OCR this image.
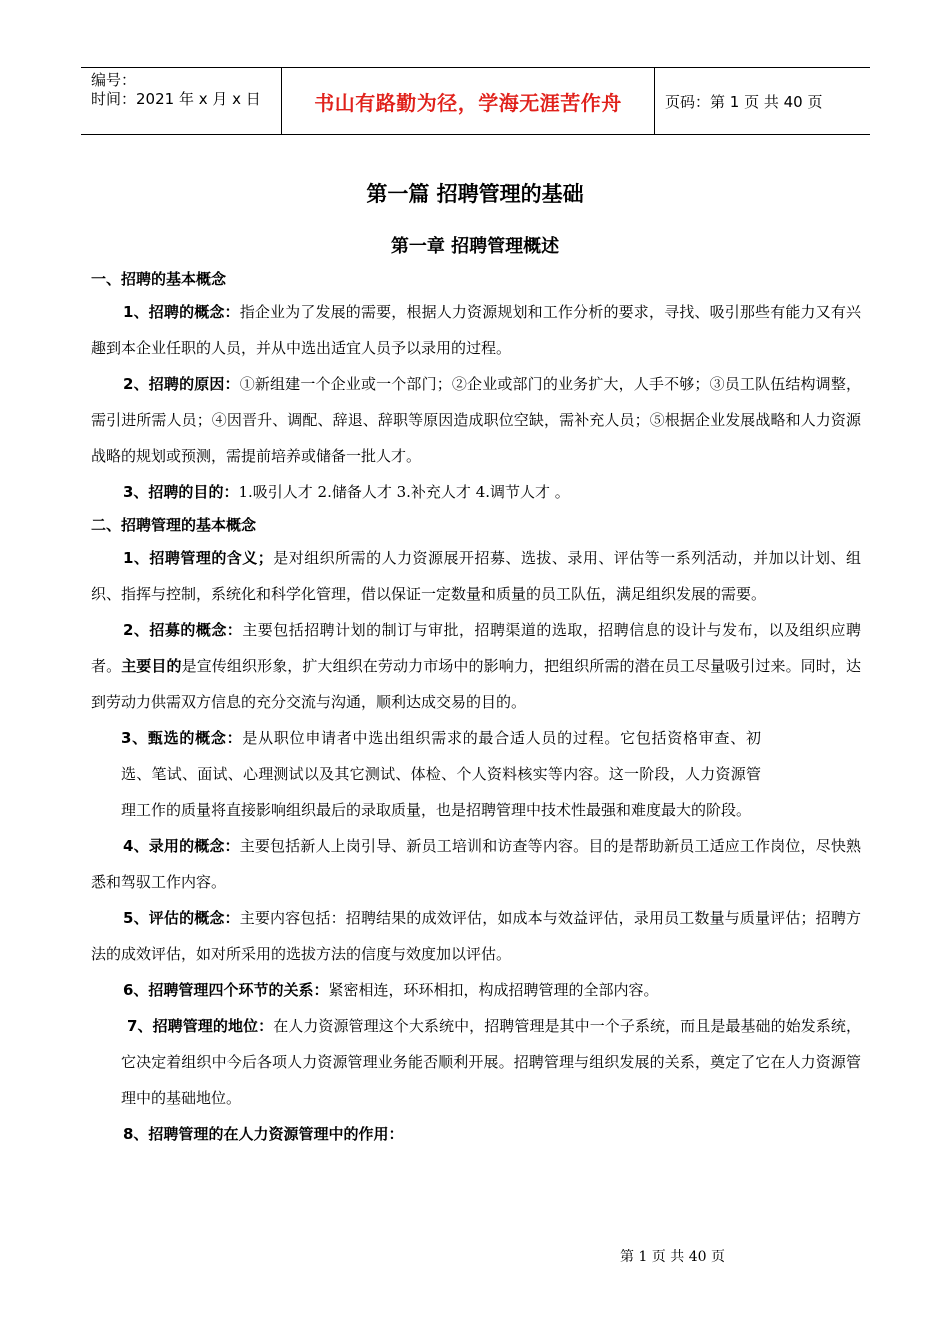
编号：
时间：2021 年 x 月 x 日	书山有路勤为径，学海无涯苦作舟	页码：第 1 页 共 40 页
第一篇 招聘管理的基础
第一章 招聘管理概述
一、招聘的基本概念
1、招聘的概念：指企业为了发展的需要，根据人力资源规划和工作分析的要求，寻找、吸引那些有能力又有兴趣到本企业任职的人员，并从中选出适宜人员予以录用的过程。
2、招聘的原因：①新组建一个企业或一个部门；②企业或部门的业务扩大，人手不够；③员工队伍结构调整，需引进所需人员；④因晋升、调配、辞退、辞职等原因造成职位空缺，需补充人员；⑤根据企业发展战略和人力资源战略的规划或预测，需提前培养或储备一批人才。
3、招聘的目的：1.吸引人才 2.储备人才 3.补充人才 4.调节人才 。
二、招聘管理的基本概念
1、招聘管理的含义；是对组织所需的人力资源展开招募、选拔、录用、评估等一系列活动，并加以计划、组织、指挥与控制，系统化和科学化管理，借以保证一定数量和质量的员工队伍，满足组织发展的需要。
2、招募的概念：主要包括招聘计划的制订与审批，招聘渠道的选取，招聘信息的设计与发布，以及组织应聘者。主要目的是宣传组织形象，扩大组织在劳动力市场中的影响力，把组织所需的潜在员工尽量吸引过来。同时，达到劳动力供需双方信息的充分交流与沟通，顺利达成交易的目的。
3、甄选的概念：是从职位申请者中选出组织需求的最合适人员的过程。它包括资格审查、初选、笔试、面试、心理测试以及其它测试、体检、个人资料核实等内容。这一阶段，人力资源管理工作的质量将直接影响组织最后的录取质量，也是招聘管理中技术性最强和难度最大的阶段。
4、录用的概念：主要包括新人上岗引导、新员工培训和访查等内容。目的是帮助新员工适应工作岗位，尽快熟悉和驾驭工作内容。
5、评估的概念：主要内容包括：招聘结果的成效评估，如成本与效益评估，录用员工数量与质量评估；招聘方法的成效评估，如对所采用的选拔方法的信度与效度加以评估。
6、招聘管理四个环节的关系：紧密相连，环环相扣，构成招聘管理的全部内容。
7、招聘管理的地位：在人力资源管理这个大系统中，招聘管理是其中一个子系统，而且是最基础的始发系统，它决定着组织中今后各项人力资源管理业务能否顺利开展。招聘管理与组织发展的关系，奠定了它在人力资源管理中的基础地位。
8、招聘管理的在人力资源管理中的作用：
第 1 页 共 40 页
